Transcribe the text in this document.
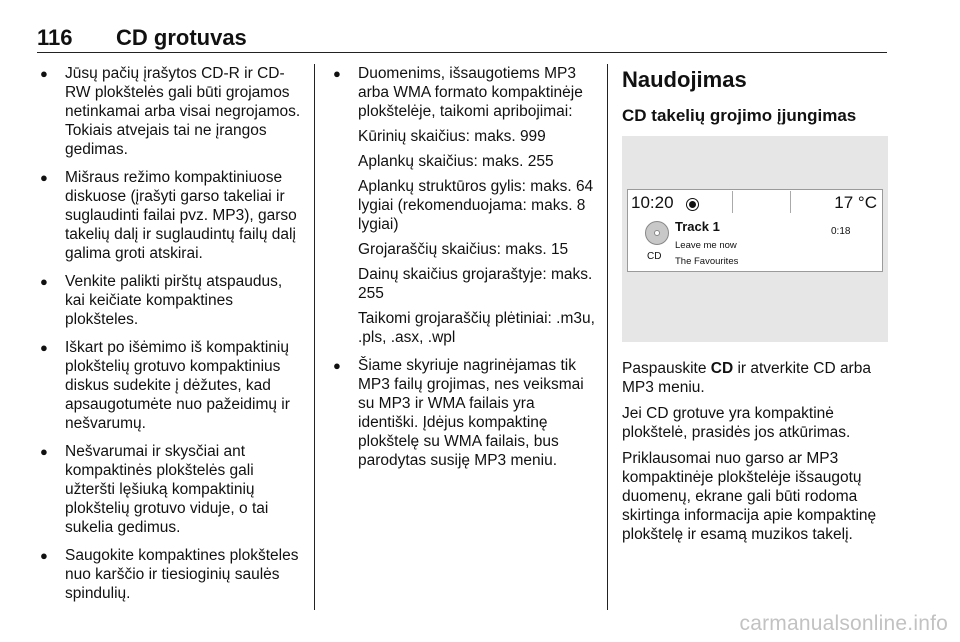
116 CD grotuvas
● Jūsų pačių įrašytos CD-R ir CD-RW plokštelės gali būti grojamos netinkamai arba visai negrojamos. Tokiais atvejais tai ne įrangos gedimas.
● Mišraus režimo kompaktiniuose diskuose (įrašyti garso takeliai ir suglaudinti failai pvz. MP3), garso takelių dalį ir suglaudintų failų dalį galima groti atskirai.
● Venkite palikti pirštų atspaudus, kai keičiate kompaktines plokšteles.
● Iškart po išėmimo iš kompaktinių plokštelių grotuvo kompaktinius diskus sudekite į dėžutes, kad apsaugotumėte nuo pažeidimų ir nešvarumų.
● Nešvarumai ir skysčiai ant kompaktinės plokštelės gali užteršti lęšiuką kompaktinių plokštelių grotuvo viduje, o tai sukelia gedimus.
● Saugokite kompaktines plokšteles nuo karščio ir tiesioginių saulės spindulių.
● Duomenims, išsaugotiems MP3 arba WMA formato kompaktinėje plokštelėje, taikomi apribojimai:

Kūrinių skaičius: maks. 999

Aplankų skaičius: maks. 255

Aplankų struktūros gylis: maks. 64 lygiai (rekomenduojama: maks. 8 lygiai)

Grojaraščių skaičius: maks. 15

Dainų skaičius grojaraštyje: maks. 255

Taikomi grojaraščių plėtiniai: .m3u, .pls, .asx, .wpl

● Šiame skyriuje nagrinėjamas tik MP3 failų grojimas, nes veiksmai su MP3 ir WMA failais yra identiški. Įdėjus kompaktinę plokštelę su WMA failais, bus parodytas susiję MP3 meniu.
Naudojimas
CD takelių grojimo įjungimas
10:20	17 °C
CD
Track 1
Leave me now
The Favourites
0:18

Paspauskite CD ir atverkite CD arba MP3 meniu.

Jei CD grotuve yra kompaktinė plokštelė, prasidės jos atkūrimas.

Priklausomai nuo garso ar MP3 kompaktinėje plokštelėje išsaugotų duomenų, ekrane gali būti rodoma skirtinga informacija apie kompaktinę plokštelę ir esamą muzikos takelį.

carmanualsonline.info
